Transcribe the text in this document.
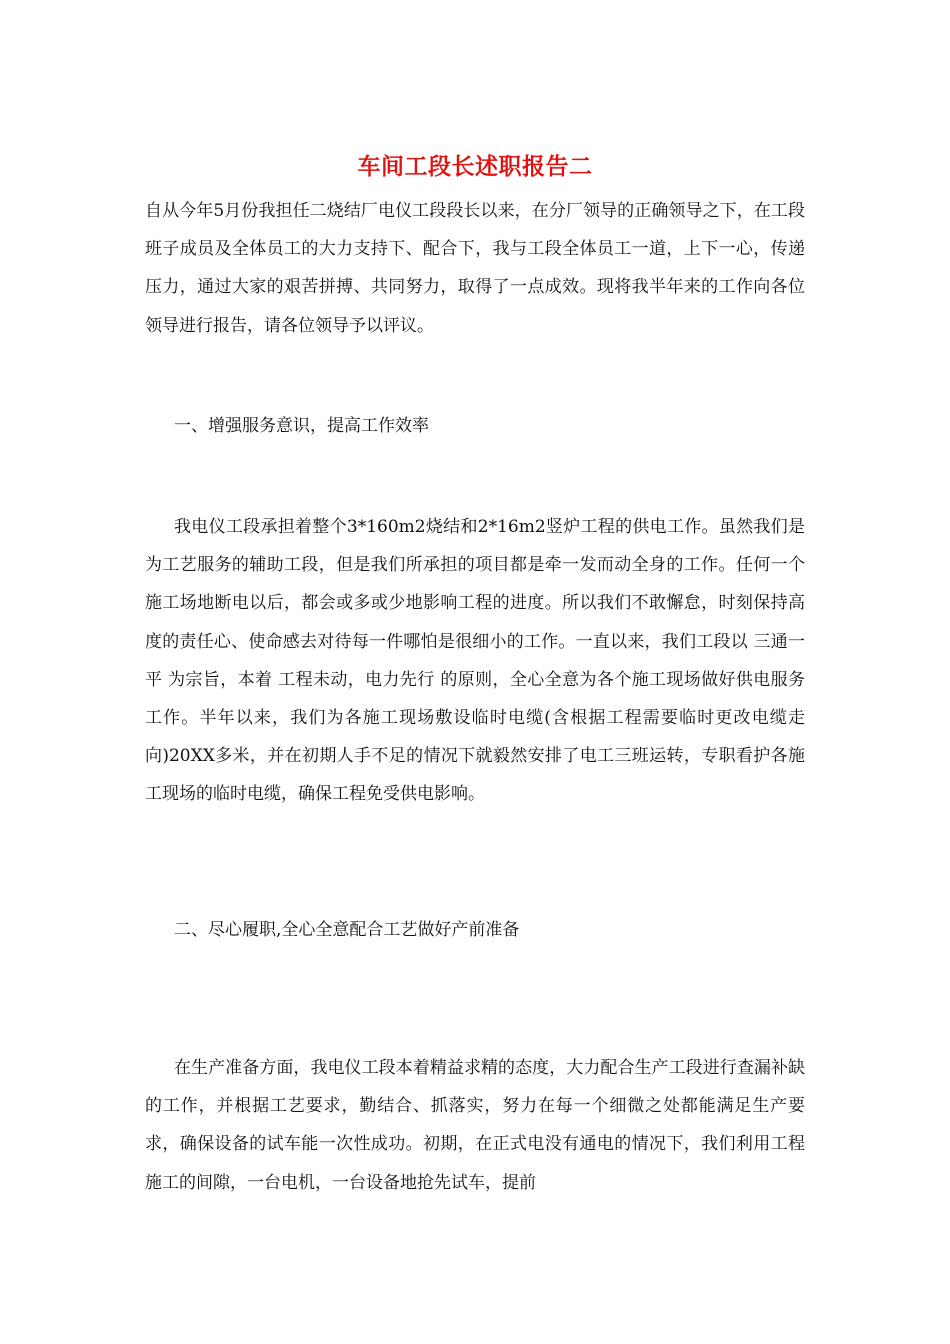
车间工段长述职报告二

自从今年5月份我担任二烧结厂电仪工段段长以来，在分厂领导的正确领导之下，在工段班子成员及全体员工的大力支持下、配合下，我与工段全体员工一道，上下一心，传递压力，通过大家的艰苦拼搏、共同努力，取得了一点成效。现将我半年来的工作向各位领导进行报告，请各位领导予以评议。

一、增强服务意识，提高工作效率

我电仪工段承担着整个3*160m2烧结和2*16m2竖炉工程的供电工作。虽然我们是为工艺服务的辅助工段，但是我们所承担的项目都是牵一发而动全身的工作。任何一个施工场地断电以后，都会或多或少地影响工程的进度。所以我们不敢懈怠，时刻保持高度的责任心、使命感去对待每一件哪怕是很细小的工作。一直以来，我们工段以 三通一平 为宗旨，本着 工程未动，电力先行 的原则，全心全意为各个施工现场做好供电服务工作。半年以来，我们为各施工现场敷设临时电缆(含根据工程需要临时更改电缆走向)20XX多米，并在初期人手不足的情况下就毅然安排了电工三班运转，专职看护各施工现场的临时电缆，确保工程免受供电影响。

二、尽心履职,全心全意配合工艺做好产前准备

在生产准备方面，我电仪工段本着精益求精的态度，大力配合生产工段进行查漏补缺的工作，并根据工艺要求，勤结合、抓落实，努力在每一个细微之处都能满足生产要求，确保设备的试车能一次性成功。初期，在正式电没有通电的情况下，我们利用工程施工的间隙，一台电机，一台设备地抢先试车，提前
